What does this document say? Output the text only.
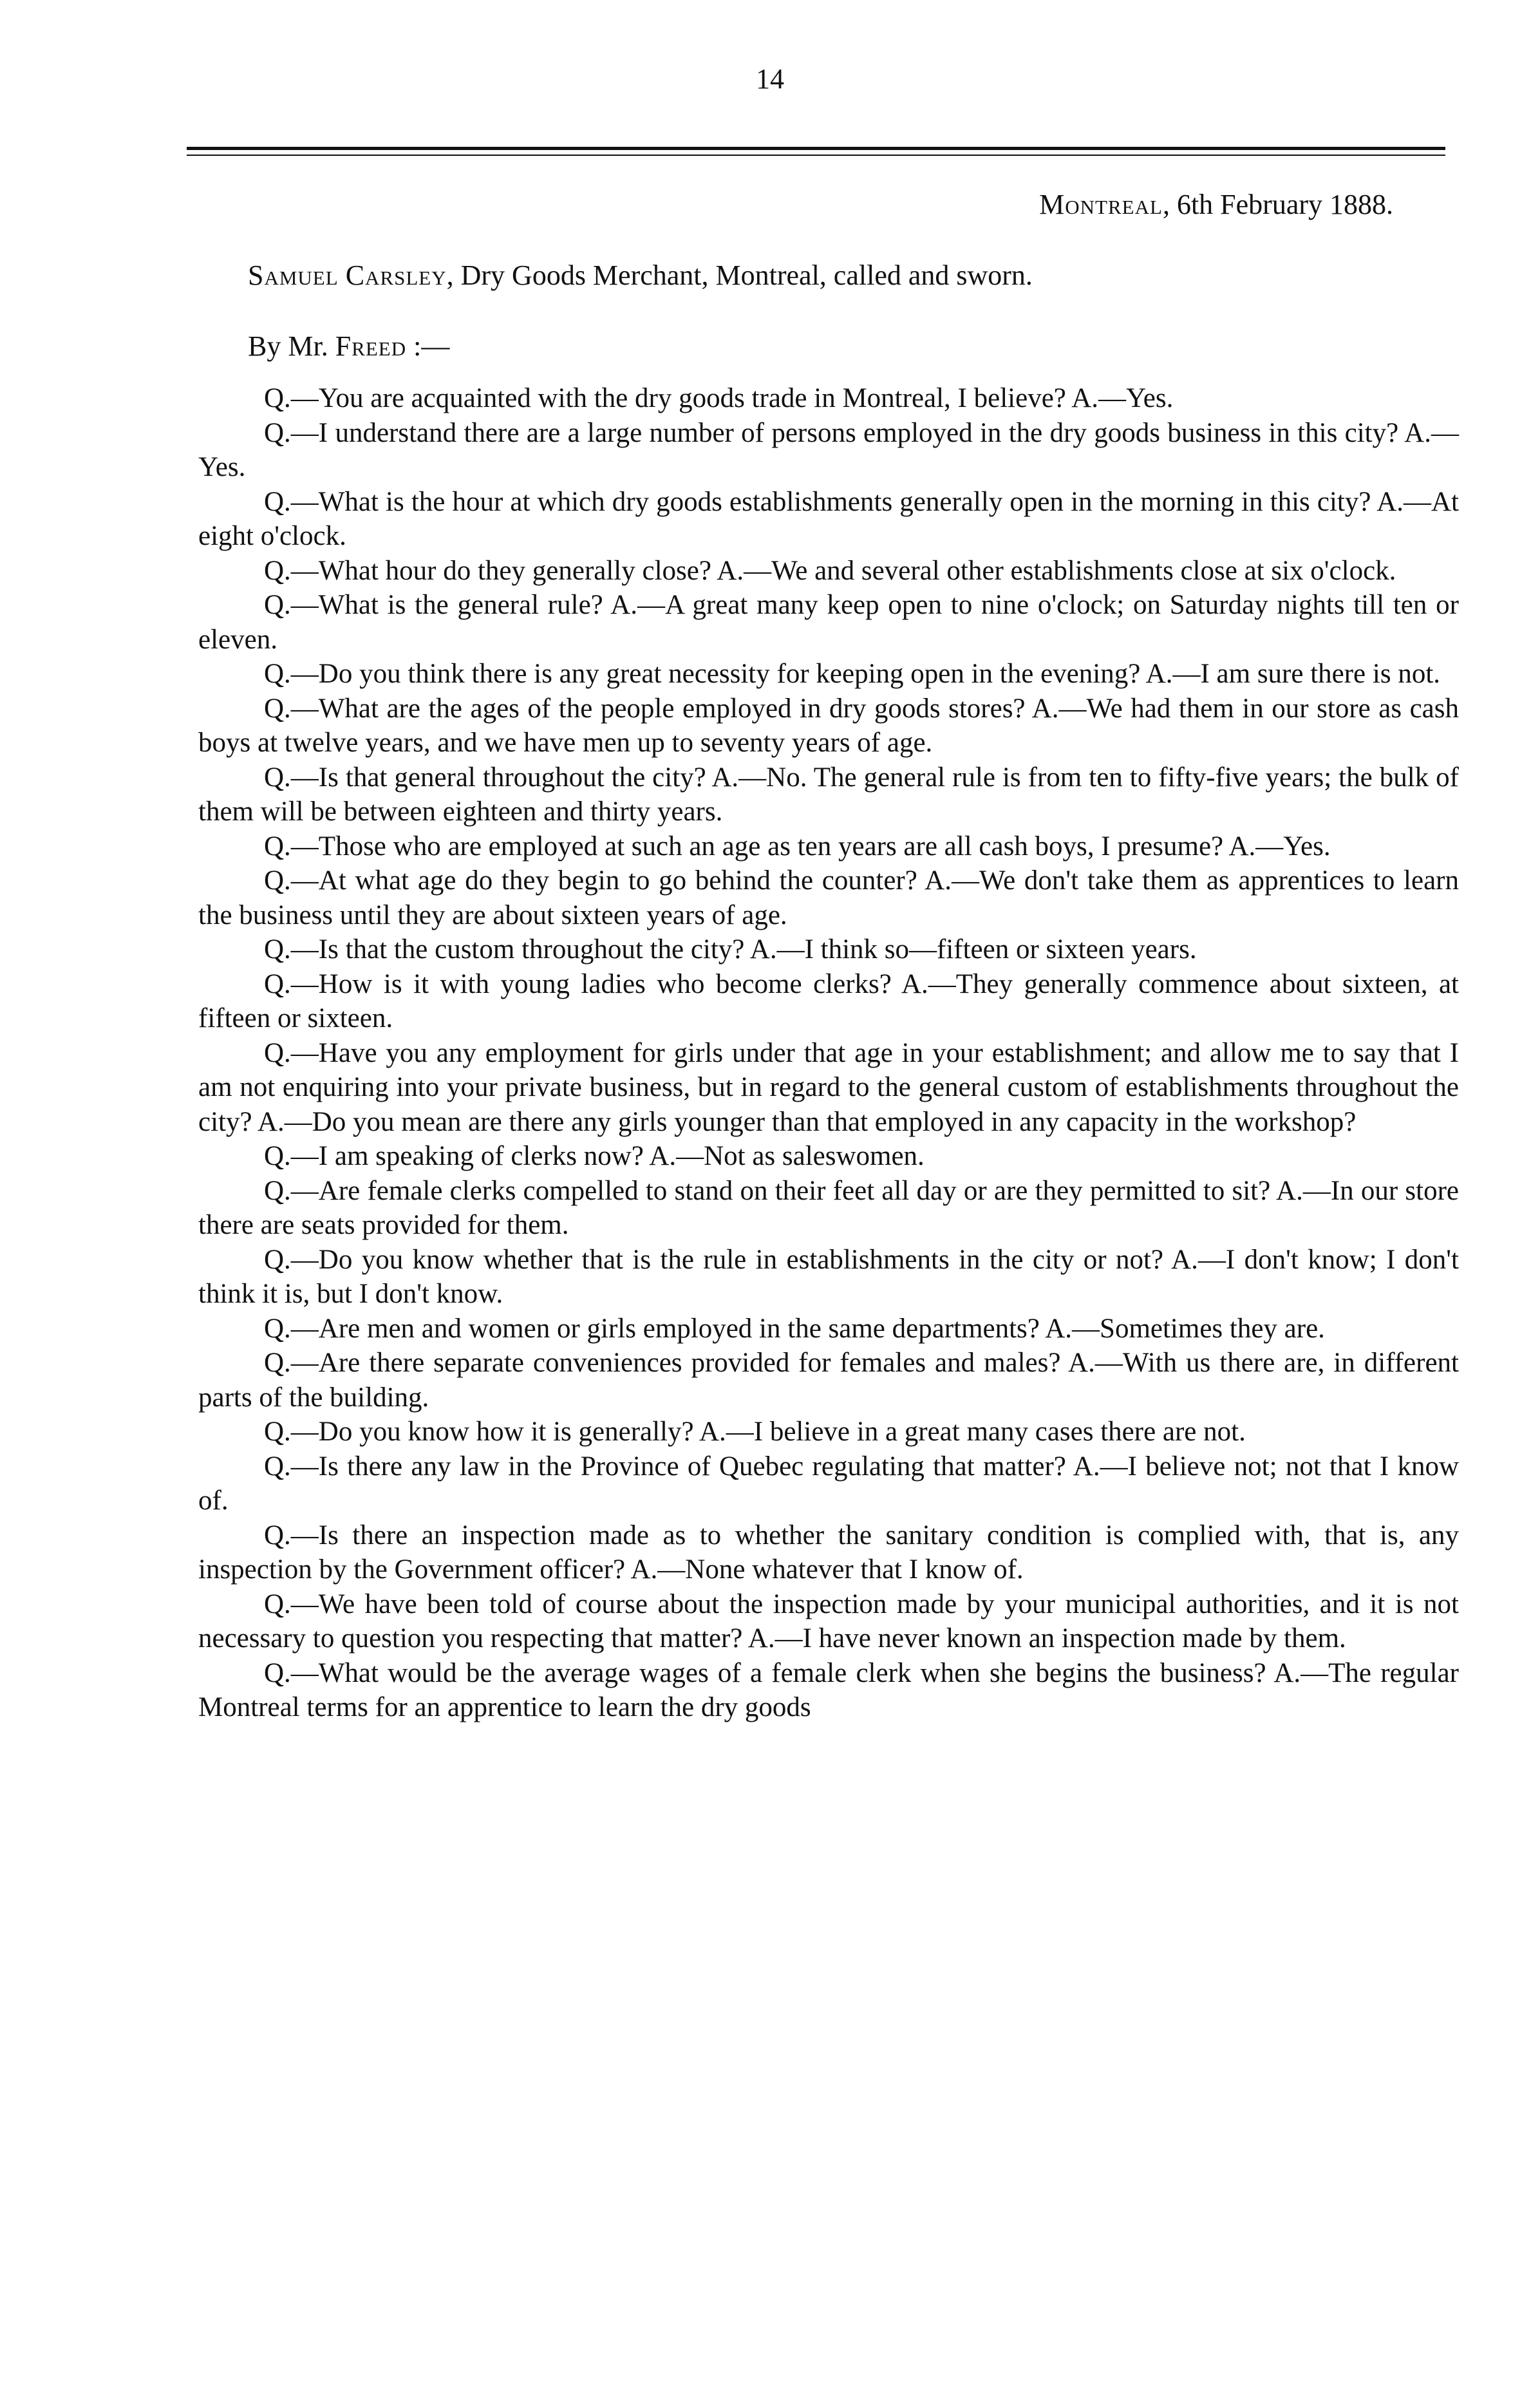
14
Montreal, 6th February 1888.
Samuel Carsley, Dry Goods Merchant, Montreal, called and sworn.
By Mr. Freed :—

Q.—You are acquainted with the dry goods trade in Montreal, I believe? A.—Yes.

Q.—I understand there are a large number of persons employed in the dry goods business in this city? A.—Yes.

Q.—What is the hour at which dry goods establishments generally open in the morning in this city? A.—At eight o'clock.

Q.—What hour do they generally close? A.—We and several other establishments close at six o'clock.

Q.—What is the general rule? A.—A great many keep open to nine o'clock; on Saturday nights till ten or eleven.

Q.—Do you think there is any great necessity for keeping open in the evening? A.—I am sure there is not.

Q.—What are the ages of the people employed in dry goods stores? A.—We had them in our store as cash boys at twelve years, and we have men up to seventy years of age.

Q.—Is that general throughout the city? A.—No. The general rule is from ten to fifty-five years; the bulk of them will be between eighteen and thirty years.

Q.—Those who are employed at such an age as ten years are all cash boys, I presume? A.—Yes.

Q.—At what age do they begin to go behind the counter? A.—We don't take them as apprentices to learn the business until they are about sixteen years of age.

Q.—Is that the custom throughout the city? A.—I think so—fifteen or sixteen years.

Q.—How is it with young ladies who become clerks? A.—They generally commence about sixteen, at fifteen or sixteen.

Q.—Have you any employment for girls under that age in your establishment; and allow me to say that I am not enquiring into your private business, but in regard to the general custom of establishments throughout the city? A.—Do you mean are there any girls younger than that employed in any capacity in the workshop?

Q.—I am speaking of clerks now? A.—Not as saleswomen.

Q.—Are female clerks compelled to stand on their feet all day or are they permitted to sit? A.—In our store there are seats provided for them.

Q.—Do you know whether that is the rule in establishments in the city or not? A.—I don't know; I don't think it is, but I don't know.

Q.—Are men and women or girls employed in the same departments? A.—Sometimes they are.

Q.—Are there separate conveniences provided for females and males? A.—With us there are, in different parts of the building.

Q.—Do you know how it is generally? A.—I believe in a great many cases there are not.

Q.—Is there any law in the Province of Quebec regulating that matter? A.—I believe not; not that I know of.

Q.—Is there an inspection made as to whether the sanitary condition is complied with, that is, any inspection by the Government officer? A.—None whatever that I know of.

Q.—We have been told of course about the inspection made by your municipal authorities, and it is not necessary to question you respecting that matter? A.—I have never known an inspection made by them.

Q.—What would be the average wages of a female clerk when she begins the business? A.—The regular Montreal terms for an apprentice to learn the dry goods
